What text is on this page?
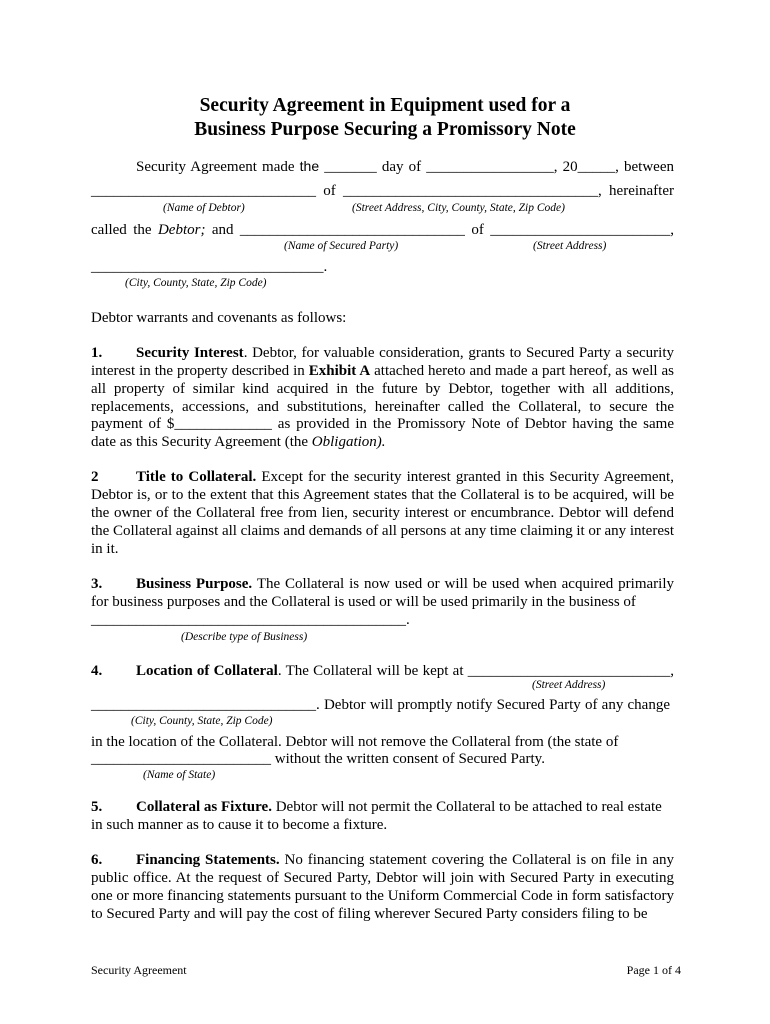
Security Agreement in Equipment used for a
Business Purpose Securing a Promissory Note
Security Agreement made the _______ day of _________________, 20_____, between
______________________________ of __________________________________, hereinafter
(Name of Debtor)	(Street Address, City, County, State, Zip Code)
called the Debtor; and ______________________________ of ________________________,
(Name of Secured Party)	(Street Address)
_______________________________.
(City, County, State, Zip Code)
Debtor warrants and covenants as follows:
1. Security Interest. Debtor, for valuable consideration, grants to Secured Party a security
interest in the property described in Exhibit A attached hereto and made a part hereof, as well as
all property of similar kind acquired in the future by Debtor, together with all additions,
replacements, accessions, and substitutions, hereinafter called the Collateral, to secure the
payment of $_____________ as provided in the Promissory Note of Debtor having the same
date as this Security Agreement (the Obligation).
2	Title to Collateral. Except for the security interest granted in this Security Agreement,
Debtor is, or to the extent that this Agreement states that the Collateral is to be acquired, will be
the owner of the Collateral free from lien, security interest or encumbrance. Debtor will defend
the Collateral against all claims and demands of all persons at any time claiming it or any interest
in it.
3. Business Purpose. The Collateral is now used or will be used when acquired primarily
for business purposes and the Collateral is used or will be used primarily in the business of
__________________________________________.
(Describe type of Business)
4. Location of Collateral. The Collateral will be kept at ___________________________,
(Street Address)
______________________________. Debtor will promptly notify Secured Party of any change
(City, County, State, Zip Code)
in the location of the Collateral. Debtor will not remove the Collateral from (the state of
________________________ without the written consent of Secured Party.
(Name of State)
5. Collateral as Fixture. Debtor will not permit the Collateral to be attached to real estate
in such manner as to cause it to become a fixture.
6. Financing Statements. No financing statement covering the Collateral is on file in any
public office. At the request of Secured Party, Debtor will join with Secured Party in executing
one or more financing statements pursuant to the Uniform Commercial Code in form satisfactory
to Secured Party and will pay the cost of filing wherever Secured Party considers filing to be
Security Agreement	Page 1 of 4
